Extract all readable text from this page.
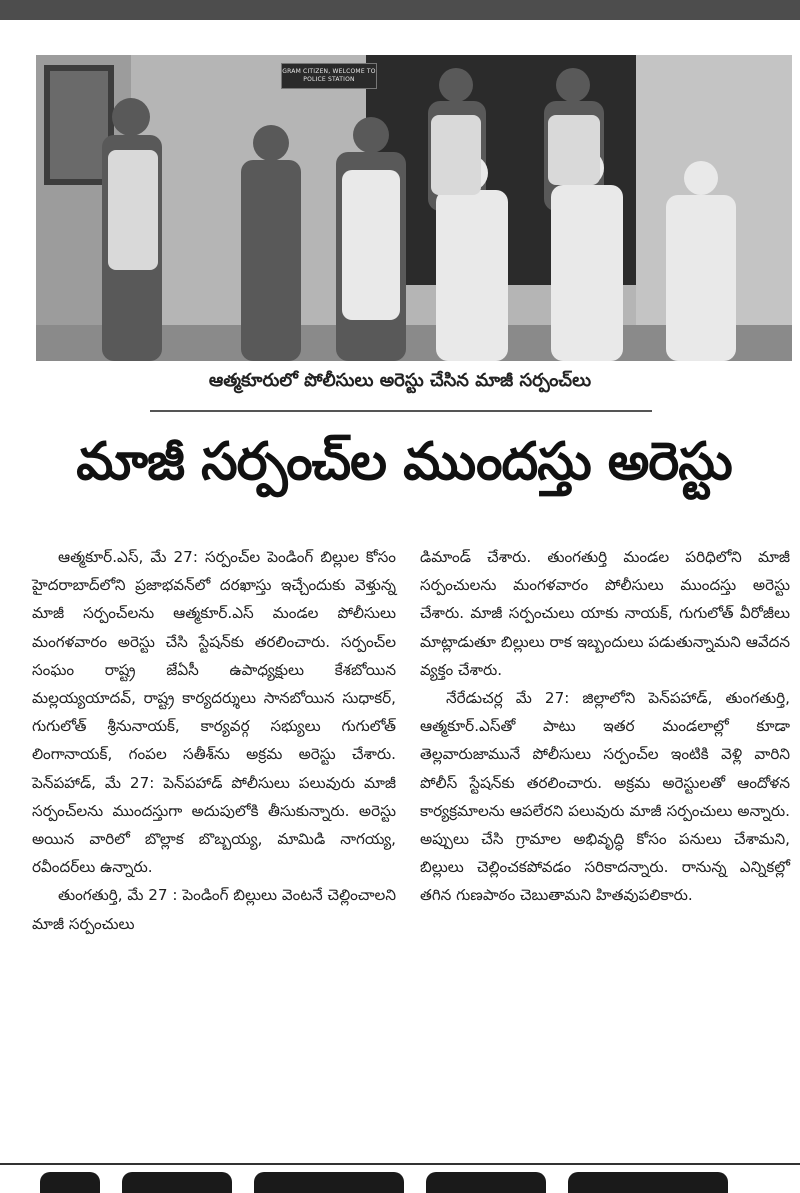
GRAM CITIZEN, WELCOME TO POLICE STATION
ఆత్మకూరులో పోలీసులు అరెస్టు చేసిన మాజీ సర్పంచ్‌లు
మాజీ సర్పంచ్‌ల ముందస్తు అరెస్టు

ఆత్మకూర్.ఎస్, మే 27: సర్పంచ్‌ల పెండింగ్ బిల్లుల కోసం హైదరాబాద్‌లోని ప్రజాభవన్‌లో దరఖాస్తు ఇచ్చేందుకు వెళ్తున్న మాజీ సర్పంచ్‌లను ఆత్మకూర్.ఎస్ మండల పోలీసులు మంగళవారం అరెస్టు చేసి స్టేషన్‌కు తరలించారు. సర్పంచ్‌ల సంఘం రాష్ట్ర జేఏసీ ఉపాధ్యక్షులు కేశబోయిన మల్లయ్యయాదవ్, రాష్ట్ర కార్యదర్శులు సానబోయిన సుధాకర్, గుగులోత్ శ్రీనునాయక్, కార్యవర్గ సభ్యులు గుగులోత్ లింగానాయక్, గంపల సతీశ్‌ను అక్రమ అరెస్టు చేశారు. పెన్‌పహాడ్, మే 27: పెన్‌పహాడ్ పోలీసులు పలువురు మాజీ సర్పంచ్‌లను ముందస్తుగా అదుపులోకి తీసుకున్నారు. అరెస్టు అయిన వారిలో బొల్లాక బొబ్బయ్య, మామిడి నాగయ్య, రవీందర్‌లు ఉన్నారు.

తుంగతుర్తి, మే 27 : పెండింగ్ బిల్లులు వెంటనే చెల్లించాలని మాజీ సర్పంచులు

డిమాండ్ చేశారు. తుంగతుర్తి మండల పరిధిలోని మాజీ సర్పంచులను మంగళవారం పోలీసులు ముందస్తు అరెస్టు చేశారు. మాజీ సర్పంచులు యాకు నాయక్, గుగులోత్ వీరోజీలు మాట్లాడుతూ బిల్లులు రాక ఇబ్బందులు పడుతున్నామని ఆవేదన వ్యక్తం చేశారు.

నేరేడుచర్ల మే 27: జిల్లాలోని పెన్‌పహాడ్, తుంగతుర్తి, ఆత్మకూర్.ఎస్‌తో పాటు ఇతర మండలాల్లో కూడా తెల్లవారుజామునే పోలీసులు సర్పంచ్‌ల ఇంటికి వెళ్లి వారిని పోలీస్ స్టేషన్‌కు తరలించారు. అక్రమ అరెస్టులతో ఆందోళన కార్యక్రమాలను ఆపలేరని పలువురు మాజీ సర్పంచులు అన్నారు. అప్పులు చేసి గ్రామాల అభివృద్ధి కోసం పనులు చేశామని, బిల్లులు చెల్లించకపోవడం సరికాదన్నారు. రానున్న ఎన్నికల్లో తగిన గుణపాఠం చెబుతామని హితవుపలికారు.
